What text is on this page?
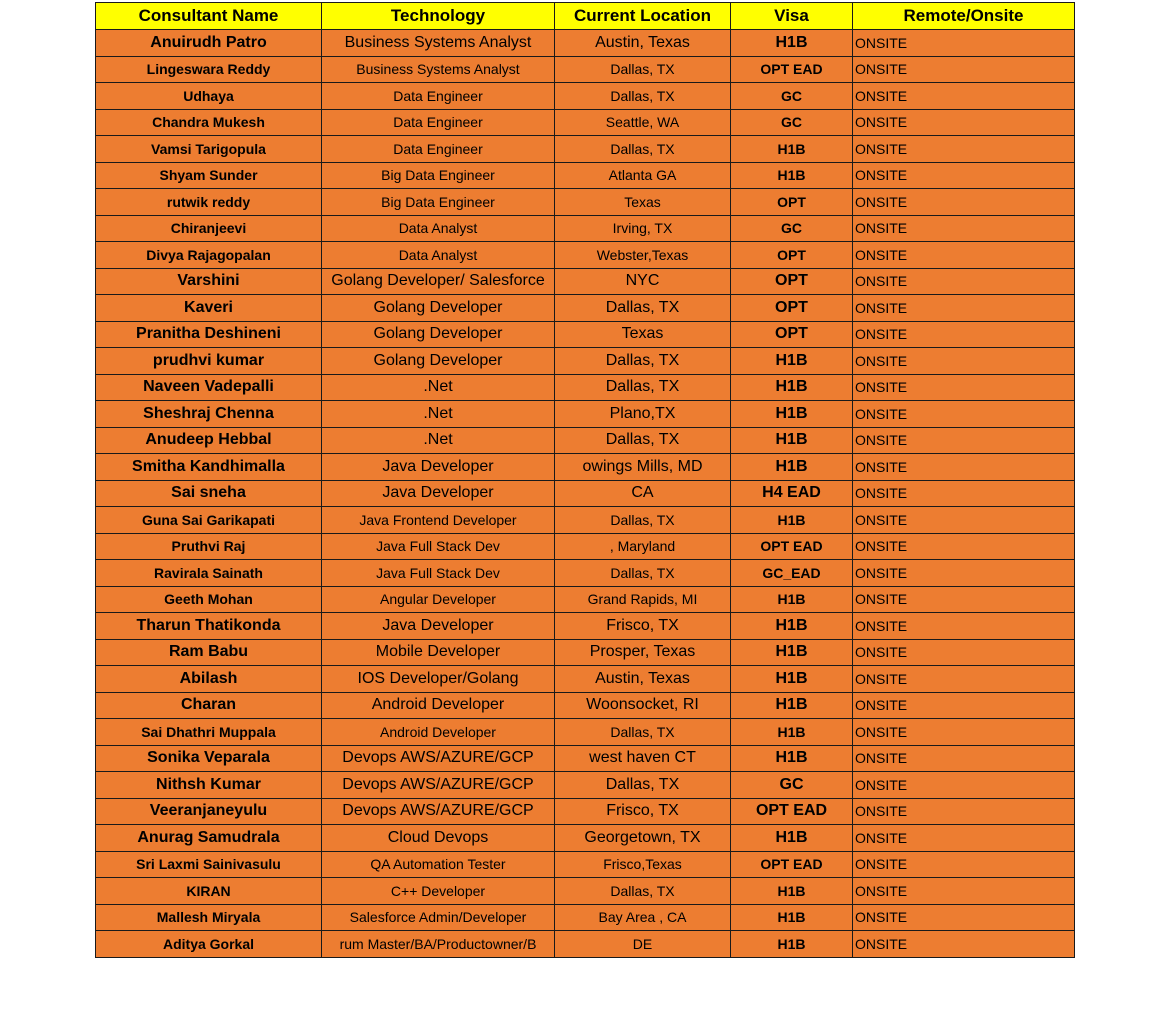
Consultant Name	Technology	Current Location	Visa	Remote/Onsite
Anuirudh Patro	Business Systems Analyst	Austin, Texas	H1B	ONSITE
Lingeswara Reddy	Business Systems Analyst	Dallas, TX	OPT EAD	ONSITE
Udhaya	Data Engineer	Dallas, TX	GC	ONSITE
Chandra Mukesh	Data Engineer	Seattle, WA	GC	ONSITE
Vamsi Tarigopula	Data Engineer	Dallas, TX	H1B	ONSITE
Shyam Sunder	Big Data Engineer	Atlanta GA	H1B	ONSITE
rutwik reddy	Big Data Engineer	Texas	OPT	ONSITE
Chiranjeevi	Data Analyst	Irving, TX	GC	ONSITE
Divya Rajagopalan	Data Analyst	Webster,Texas	OPT	ONSITE
Varshini	Golang Developer/ Salesforce	NYC	OPT	ONSITE
Kaveri	Golang Developer	Dallas, TX	OPT	ONSITE
Pranitha Deshineni	Golang Developer	Texas	OPT	ONSITE
prudhvi kumar	Golang Developer	Dallas, TX	H1B	ONSITE
Naveen Vadepalli	.Net	Dallas, TX	H1B	ONSITE
Sheshraj Chenna	.Net	Plano,TX	H1B	ONSITE
Anudeep Hebbal	.Net	Dallas, TX	H1B	ONSITE
Smitha Kandhimalla	Java Developer	owings Mills, MD	H1B	ONSITE
Sai sneha	Java Developer	CA	H4 EAD	ONSITE
Guna Sai Garikapati	Java Frontend Developer	Dallas, TX	H1B	ONSITE
Pruthvi Raj	Java Full Stack Dev	, Maryland	OPT EAD	ONSITE
Ravirala Sainath	Java Full Stack Dev	Dallas, TX	GC_EAD	ONSITE
Geeth Mohan	Angular Developer	Grand Rapids, MI	H1B	ONSITE
Tharun Thatikonda	Java Developer	Frisco, TX	H1B	ONSITE
Ram Babu	Mobile Developer	Prosper, Texas	H1B	ONSITE
Abilash	IOS Developer/Golang	Austin, Texas	H1B	ONSITE
Charan	Android Developer	Woonsocket, RI	H1B	ONSITE
Sai Dhathri Muppala	Android Developer	Dallas, TX	H1B	ONSITE
Sonika Veparala	Devops AWS/AZURE/GCP	west haven CT	H1B	ONSITE
Nithsh Kumar	Devops AWS/AZURE/GCP	Dallas, TX	GC	ONSITE
Veeranjaneyulu	Devops AWS/AZURE/GCP	Frisco, TX	OPT EAD	ONSITE
Anurag Samudrala	Cloud Devops	Georgetown, TX	H1B	ONSITE
Sri Laxmi Sainivasulu	QA Automation Tester	Frisco,Texas	OPT EAD	ONSITE
KIRAN	C++ Developer	Dallas, TX	H1B	ONSITE
Mallesh Miryala	Salesforce Admin/Developer	Bay Area , CA	H1B	ONSITE
Aditya Gorkal	rum Master/BA/Productowner/B	DE	H1B	ONSITE
